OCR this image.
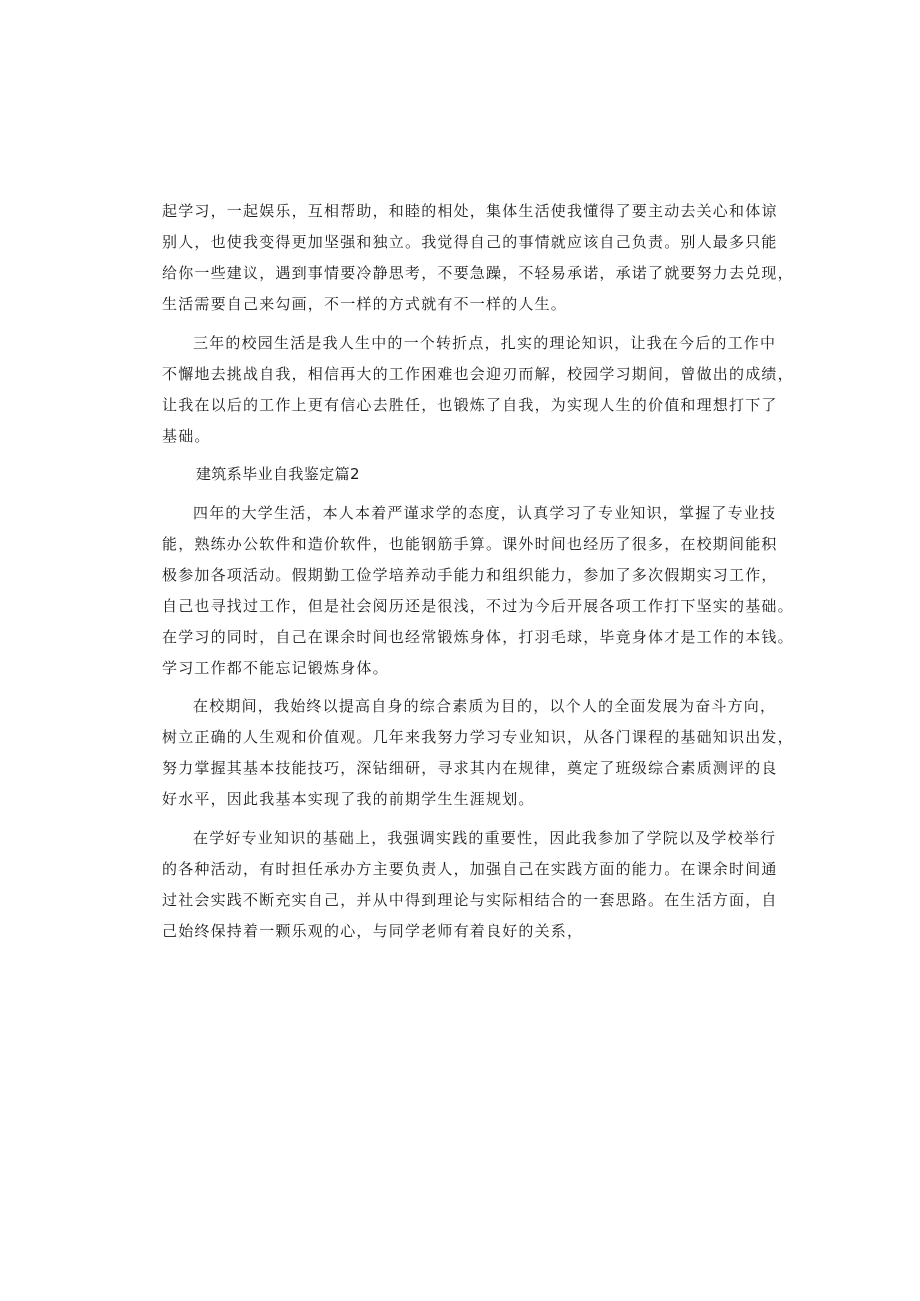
起学习，一起娱乐，互相帮助，和睦的相处，集体生活使我懂得了要主动去关心和体谅
别人，也使我变得更加坚强和独立。我觉得自己的事情就应该自己负责。别人最多只能
给你一些建议，遇到事情要冷静思考，不要急躁，不轻易承诺，承诺了就要努力去兑现，
生活需要自己来勾画，不一样的方式就有不一样的人生。
三年的校园生活是我人生中的一个转折点，扎实的理论知识，让我在今后的工作中
不懈地去挑战自我，相信再大的工作困难也会迎刃而解，校园学习期间，曾做出的成绩，
让我在以后的工作上更有信心去胜任，也锻炼了自我，为实现人生的价值和理想打下了
基础。
建筑系毕业自我鉴定篇2
四年的大学生活，本人本着严谨求学的态度，认真学习了专业知识，掌握了专业技
能，熟练办公软件和造价软件，也能钢筋手算。课外时间也经历了很多，在校期间能积
极参加各项活动。假期勤工俭学培养动手能力和组织能力，参加了多次假期实习工作，
自己也寻找过工作，但是社会阅历还是很浅，不过为今后开展各项工作打下坚实的基础。
在学习的同时，自己在课余时间也经常锻炼身体，打羽毛球，毕竟身体才是工作的本钱。
学习工作都不能忘记锻炼身体。
在校期间，我始终以提高自身的综合素质为目的，以个人的全面发展为奋斗方向，
树立正确的人生观和价值观。几年来我努力学习专业知识，从各门课程的基础知识出发，
努力掌握其基本技能技巧，深钻细研，寻求其内在规律，奠定了班级综合素质测评的良
好水平，因此我基本实现了我的前期学生生涯规划。
在学好专业知识的基础上，我强调实践的重要性，因此我参加了学院以及学校举行
的各种活动，有时担任承办方主要负责人，加强自己在实践方面的能力。在课余时间通
过社会实践不断充实自己，并从中得到理论与实际相结合的一套思路。在生活方面，自
己始终保持着一颗乐观的心，与同学老师有着良好的关系，
